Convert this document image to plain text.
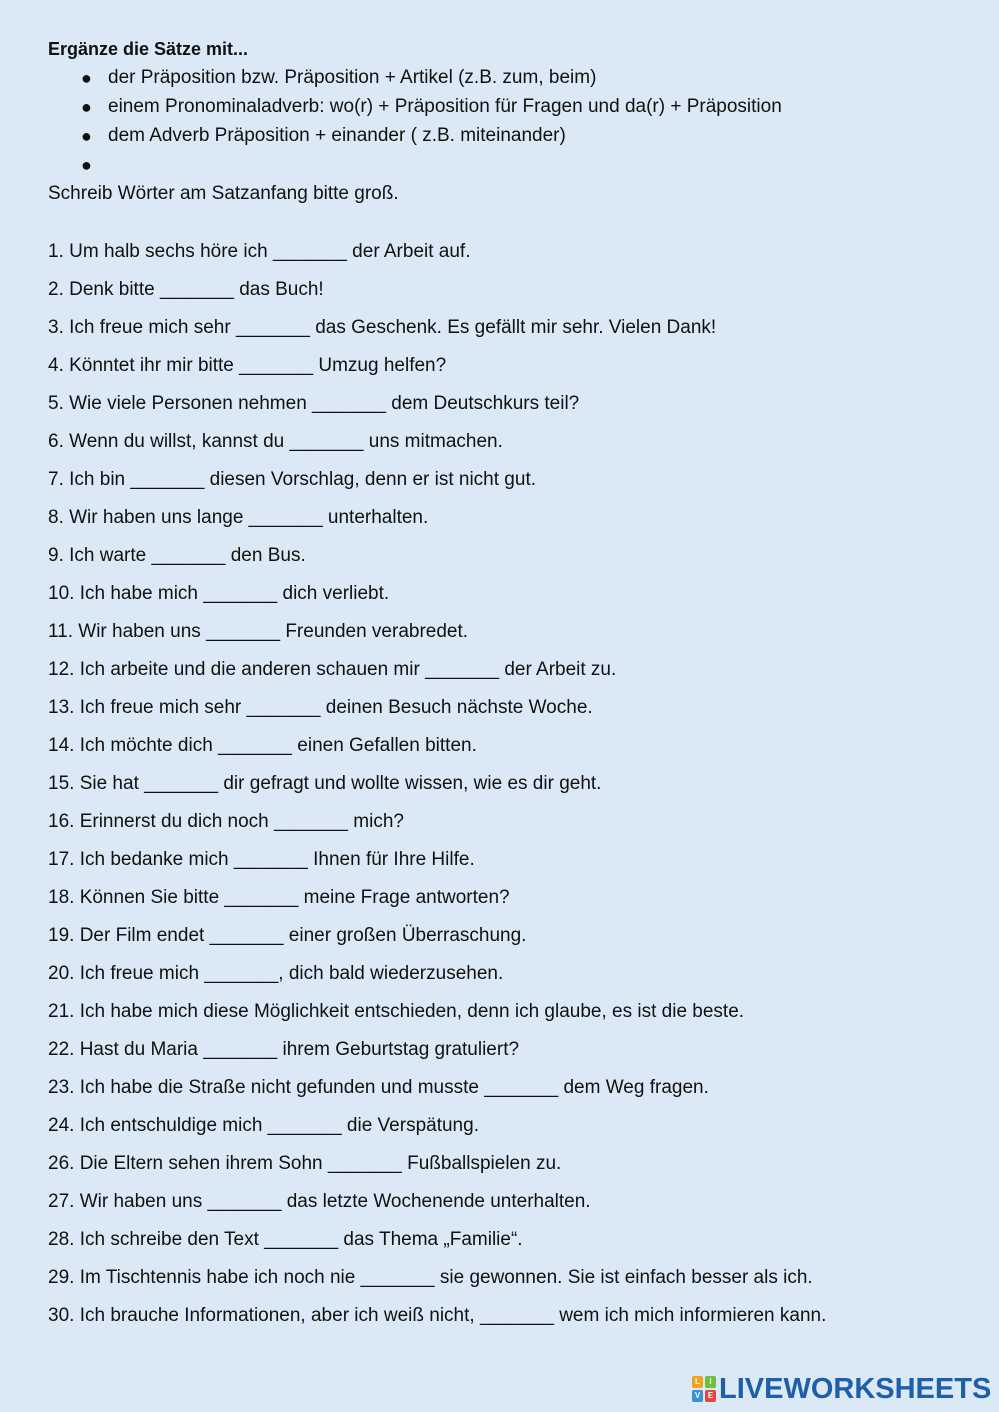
Ergänze die Sätze mit...
● der Präposition bzw. Präposition + Artikel (z.B. zum, beim)
● einem Pronominaladverb: wo(r) + Präposition für Fragen und da(r) + Präposition
● dem Adverb Präposition + einander ( z.B. miteinander)
●
Schreib Wörter am Satzanfang bitte groß.
1. Um halb sechs höre ich _______ der Arbeit auf.
2. Denk bitte _______ das Buch!
3. Ich freue mich sehr _______ das Geschenk. Es gefällt mir sehr. Vielen Dank!
4. Könntet ihr mir bitte _______ Umzug helfen?
5. Wie viele Personen nehmen _______ dem Deutschkurs teil?
6. Wenn du willst, kannst du _______ uns mitmachen.
7. Ich bin _______ diesen Vorschlag, denn er ist nicht gut.
8. Wir haben uns lange _______ unterhalten.
9. Ich warte _______ den Bus.
10. Ich habe mich _______ dich verliebt.
11. Wir haben uns _______ Freunden verabredet.
12. Ich arbeite und die anderen schauen mir _______ der Arbeit zu.
13. Ich freue mich sehr _______ deinen Besuch nächste Woche.
14. Ich möchte dich _______ einen Gefallen bitten.
15. Sie hat _______ dir gefragt und wollte wissen, wie es dir geht.
16. Erinnerst du dich noch _______ mich?
17. Ich bedanke mich _______ Ihnen für Ihre Hilfe.
18. Können Sie bitte _______ meine Frage antworten?
19. Der Film endet _______ einer großen Überraschung.
20. Ich freue mich _______, dich bald wiederzusehen.
21. Ich habe mich diese Möglichkeit entschieden, denn ich glaube, es ist die beste.
22. Hast du Maria _______ ihrem Geburtstag gratuliert?
23. Ich habe die Straße nicht gefunden und musste _______ dem Weg fragen.
24. Ich entschuldige mich _______ die Verspätung.
26. Die Eltern sehen ihrem Sohn _______ Fußballspielen zu.
27. Wir haben uns _______ das letzte Wochenende unterhalten.
28. Ich schreibe den Text _______ das Thema „Familie“.
29. Im Tischtennis habe ich noch nie _______ sie gewonnen. Sie ist einfach besser als ich.
30. Ich brauche Informationen, aber ich weiß nicht, _______ wem ich mich informieren kann.
L	I
V E LIVEWORKSHEETS
